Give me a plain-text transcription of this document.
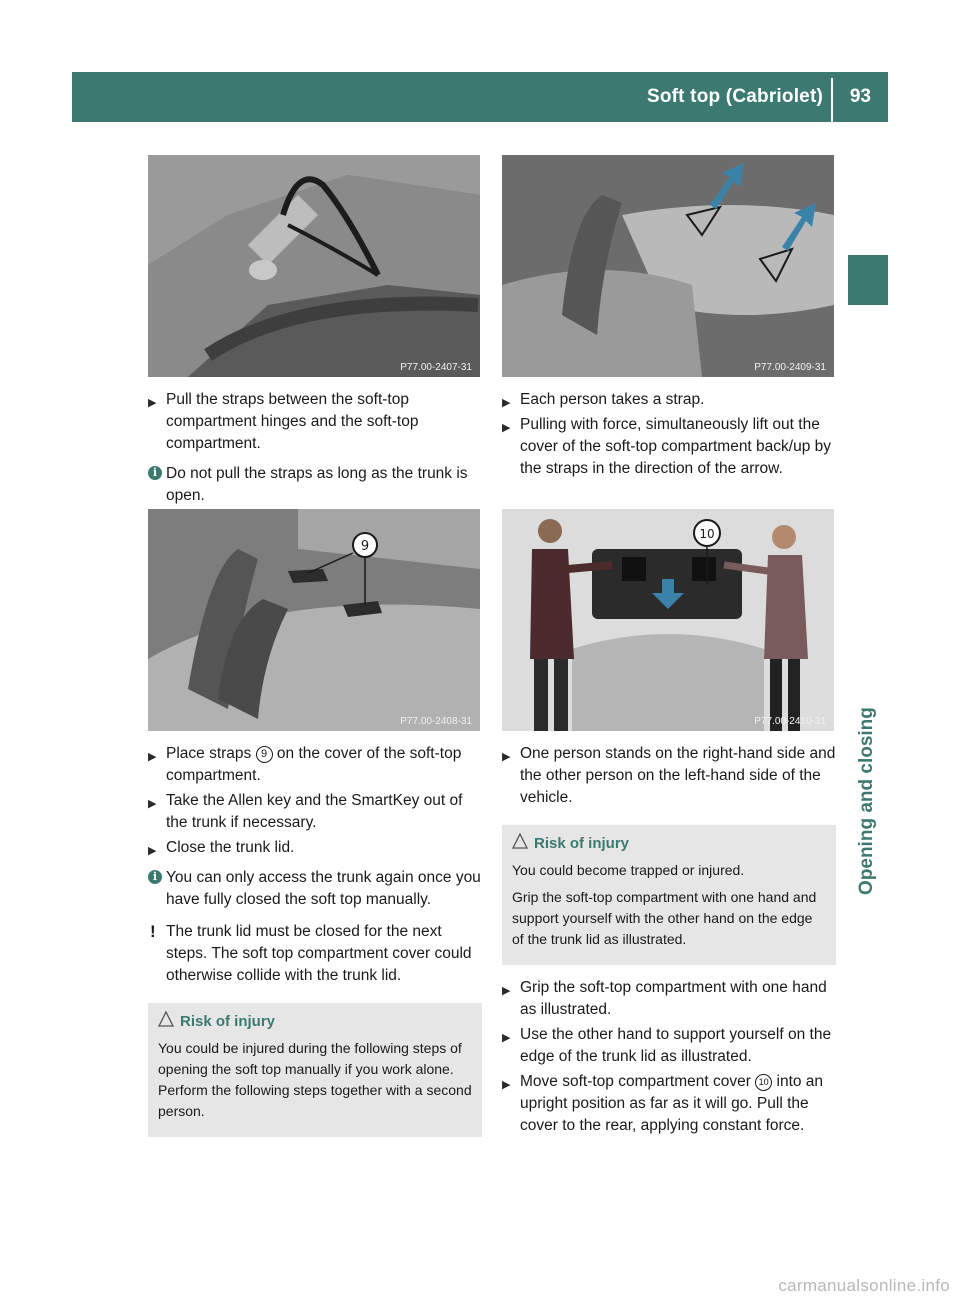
Soft top (Cabriolet) 93
Opening and closing
P77.00-2407-31
9
P77.00-2408-31
P77.00-2409-31
10
P77.00-2410-31
▶ Pull the straps between the soft-top compartment hinges and the soft-top compartment.
i Do not pull the straps as long as the trunk is open.
▶ Place straps 9 on the cover of the soft-top compartment.
▶ Take the Allen key and the SmartKey out of the trunk if necessary.
▶ Close the trunk lid.
i You can only access the trunk again once you have fully closed the soft top manually.
! The trunk lid must be closed for the next steps. The soft top compartment cover could otherwise collide with the trunk lid.
Risk of injury

You could be injured during the following steps of opening the soft top manually if you work alone. Perform the following steps together with a second person.

▶ Each person takes a strap.
▶ Pulling with force, simultaneously lift out the cover of the soft-top compartment back/up by the straps in the direction of the arrow.
▶ One person stands on the right-hand side and the other person on the left-hand side of the vehicle.
Risk of injury

You could become trapped or injured.

Grip the soft-top compartment with one hand and support yourself with the other hand on the edge of the trunk lid as illustrated.

▶ Grip the soft-top compartment with one hand as illustrated.
▶ Use the other hand to support yourself on the edge of the trunk lid as illustrated.
▶ Move soft-top compartment cover 10 into an upright position as far as it will go. Pull the cover to the rear, applying constant force.
carmanualsonline.info
